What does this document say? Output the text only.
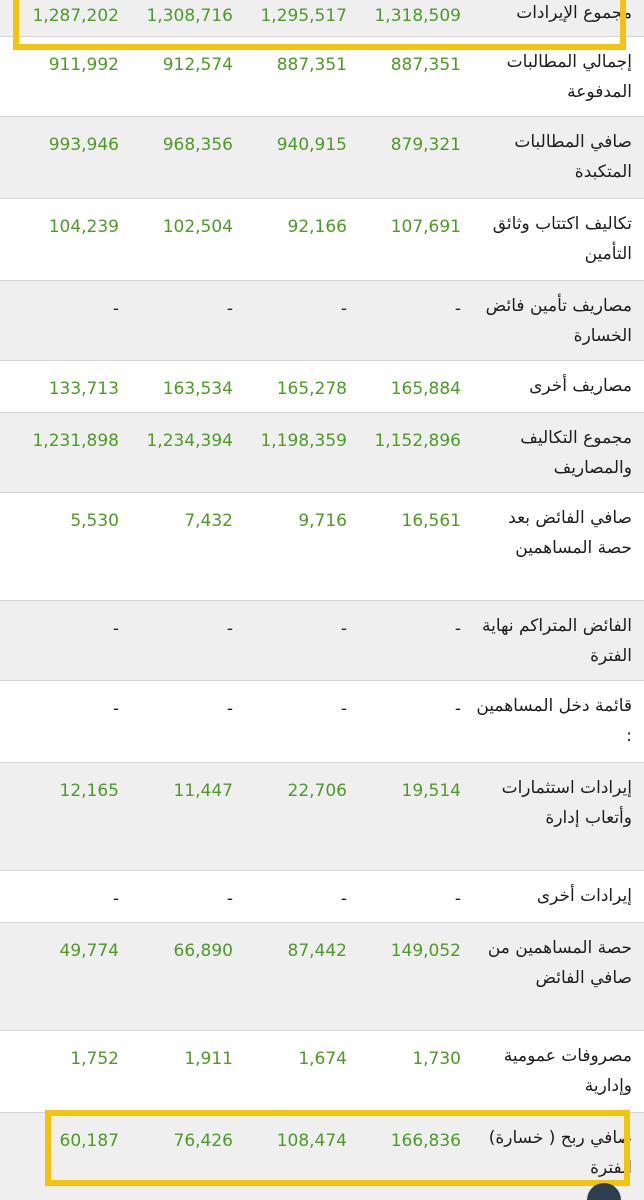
1,287,202	1,308,716	1,295,517	1,318,509	مجموع الإيرادات
911,992	912,574	887,351	887,351	إجمالي المطالبات المدفوعة
993,946	968,356	940,915	879,321	صافي المطالبات المتكبدة
104,239	102,504	92,166	107,691	تكاليف اكتتاب وثائق التأمين
-	-	-	-	مصاريف تأمين فائض الخسارة
133,713	163,534	165,278	165,884	مصاريف أخرى
1,231,898	1,234,394	1,198,359	1,152,896	مجموع التكاليف والمصاريف
5,530	7,432	9,716	16,561	صافي الفائض بعد حصة المساهمين
-	-	-	-	الفائض المتراكم نهاية الفترة
-	-	-	-	قائمة دخل المساهمين :
12,165	11,447	22,706	19,514	إيرادات استثمارات وأتعاب إدارة
-	-	-	-	إيرادات أخرى
49,774	66,890	87,442	149,052	حصة المساهمين من صافي الفائض
1,752	1,911	1,674	1,730	مصروفات عمومية وإدارية
60,187	76,426	108,474	166,836	صافي ربح ( خسارة) الفترة
